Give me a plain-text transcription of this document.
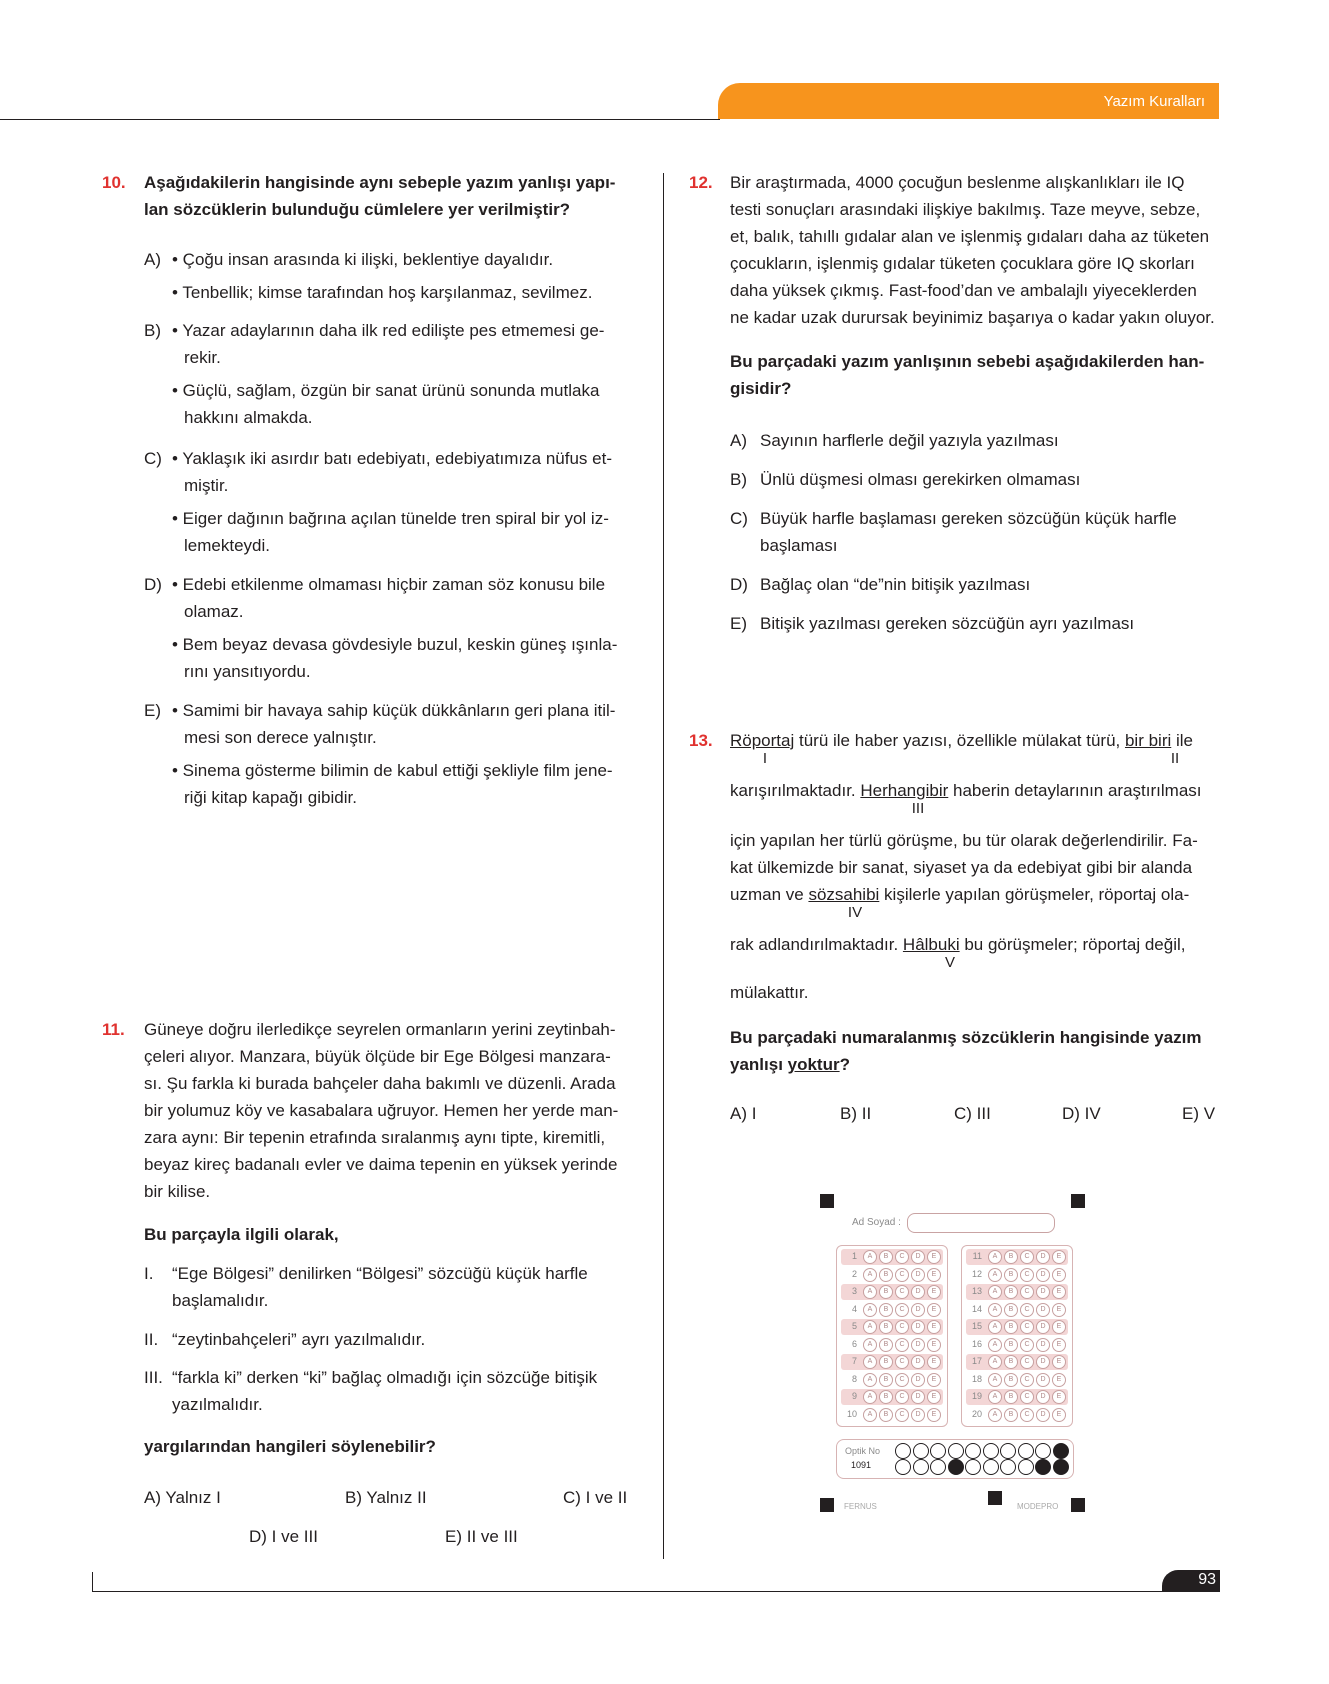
Yazım Kuralları
10. Aşağıdakilerin hangisinde aynı sebeple yazım yanlışı yapı-
lan sözcüklerin bulunduğu cümlelere yer verilmiştir?
A) • Çoğu insan arasında ki ilişki, beklentiye dayalıdır.
• Tenbellik; kimse tarafından hoş karşılanmaz, sevilmez.
B) • Yazar adaylarının daha ilk red edilişte pes etmemesi ge-
rekir.
• Güçlü, sağlam, özgün bir sanat ürünü sonunda mutlaka
hakkını almakda.
C) • Yaklaşık iki asırdır batı edebiyatı, edebiyatımıza nüfus et-
miştir.
• Eiger dağının bağrına açılan tünelde tren spiral bir yol iz-
lemekteydi.
D) • Edebi etkilenme olmaması hiçbir zaman söz konusu bile
olamaz.
• Bem beyaz devasa gövdesiyle buzul, keskin güneş ışınla-
rını yansıtıyordu.
E) • Samimi bir havaya sahip küçük dükkânların geri plana itil-
mesi son derece yalnıştır.
• Sinema gösterme bilimin de kabul ettiği şekliyle film jene-
riği kitap kapağı gibidir.
11. Güneye doğru ilerledikçe seyrelen ormanların yerini zeytinbah-
çeleri alıyor. Manzara, büyük ölçüde bir Ege Bölgesi manzara-
sı. Şu farkla ki burada bahçeler daha bakımlı ve düzenli. Arada
bir yolumuz köy ve kasabalara uğruyor. Hemen her yerde man-
zara aynı: Bir tepenin etrafında sıralanmış aynı tipte, kiremitli,
beyaz kireç badanalı evler ve daima tepenin en yüksek yerinde
bir kilise.
Bu parçayla ilgili olarak,
I. “Ege Bölgesi” denilirken “Bölgesi” sözcüğü küçük harfle
başlamalıdır.
II. “zeytinbahçeleri” ayrı yazılmalıdır.
III. “farkla ki” derken “ki” bağlaç olmadığı için sözcüğe bitişik
yazılmalıdır.
yargılarından hangileri söylenebilir?
A) Yalnız I	B) Yalnız II	C) I ve II
D) I ve III	E) II ve III
12. Bir araştırmada, 4000 çocuğun beslenme alışkanlıkları ile IQ
testi sonuçları arasındaki ilişkiye bakılmış. Taze meyve, sebze,
et, balık, tahıllı gıdalar alan ve işlenmiş gıdaları daha az tüketen
çocukların, işlenmiş gıdalar tüketen çocuklara göre IQ skorları
daha yüksek çıkmış. Fast-food’dan ve ambalajlı yiyeceklerden
ne kadar uzak durursak beyinimiz başarıya o kadar yakın oluyor.
Bu parçadaki yazım yanlışının sebebi aşağıdakilerden han-
gisidir?
A) Sayının harflerle değil yazıyla yazılması
B) Ünlü düşmesi olması gerekirken olmaması
C) Büyük harfle başlaması gereken sözcüğün küçük harfle
başlaması
D) Bağlaç olan “de”nin bitişik yazılması
E) Bitişik yazılması gereken sözcüğün ayrı yazılması
13. Röportaj türü ile haber yazısı, özellikle mülakat türü, bir biri ile
I	II
karışırılmaktadır. Herhangibir haberin detaylarının araştırılması
III
için yapılan her türlü görüşme, bu tür olarak değerlendirilir. Fa-
kat ülkemizde bir sanat, siyaset ya da edebiyat gibi bir alanda
uzman ve sözsahibi kişilerle yapılan görüşmeler, röportaj ola-
IV
rak adlandırılmaktadır. Hâlbuki bu görüşmeler; röportaj değil,
V
mülakattır.
Bu parçadaki numaralanmış sözcüklerin hangisinde yazım
yanlışı yoktur?
A) I	B) II	C) III	D) IV	E) V
Ad Soyad :
1	A	B	C	D	E
2	A	B	C	D	E
3	A	B	C	D	E
4	A	B	C	D	E
5	A	B	C	D	E
6	A	B	C	D	E
7	A	B	C	D	E
8	A	B	C	D	E
9	A	B	C	D	E
10	A	B	C	D	E
11	A	B	C	D	E
12	A	B	C	D	E
13	A	B	C	D	E
14	A	B	C	D	E
15	A	B	C	D	E
16	A	B	C	D	E
17	A	B	C	D	E
18	A	B	C	D	E
19	A	B	C	D	E
20	A	B	C	D	E
Optik No
1091
FERNUS	MODEPRO
93
